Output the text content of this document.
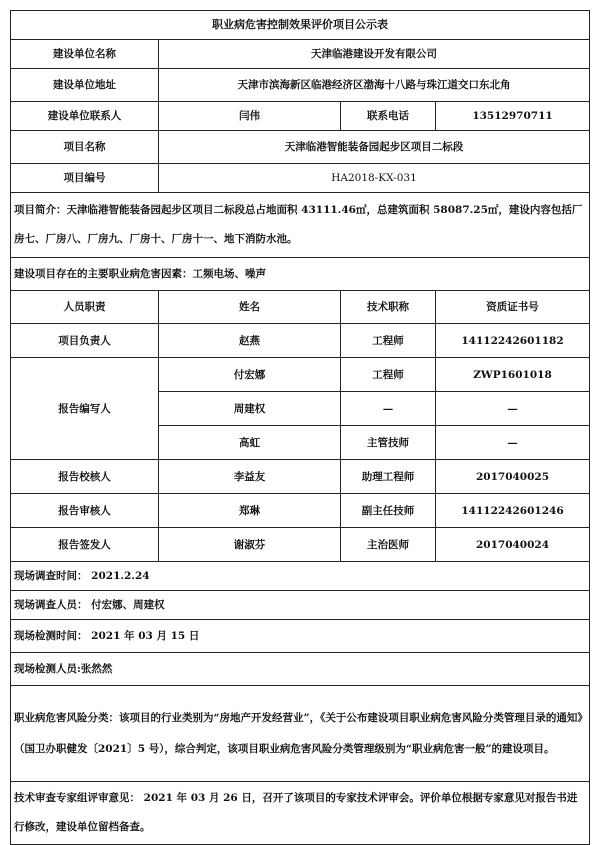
职业病危害控制效果评价项目公示表			
建设单位名称	天津临港建设开发有限公司		
建设单位地址	天津市滨海新区临港经济区渤海十八路与珠江道交口东北角		
建设单位联系人	闫伟	联系电话	13512970711
项目名称	天津临港智能装备园起步区项目二标段		
项目编号	HA2018-KX-031		
项目简介：天津临港智能装备园起步区项目二标段总占地面积 43111.46㎡，总建筑面积 58087.25㎡，建设内容包括厂房七、厂房八、厂房九、厂房十、厂房十一、地下消防水池。			
建设项目存在的主要职业病危害因素：工频电场、噪声			
人员职责	姓名	技术职称	资质证书号
项目负责人	赵燕	工程师	14112242601182
报告编写人	付宏娜	工程师	ZWP1601018
	周建权	—	—
	高虹	主管技师	—
报告校核人	李益友	助理工程师	2017040025
报告审核人	郑琳	副主任技师	14112242601246
报告签发人	谢淑芬	主治医师	2017040024
现场调查时间： 2021.2.24			
现场调查人员： 付宏娜、周建权			
现场检测时间： 2021 年 03 月 15 日			
现场检测人员:张然然			
职业病危害风险分类：该项目的行业类别为“房地产开发经营业”，《关于公布建设项目职业病危害风险分类管理目录的通知》（国卫办职健发〔2021〕5 号），综合判定，该项目职业病危害风险分类管理级别为“职业病危害一般”的建设项目。			
技术审查专家组评审意见： 2021 年 03 月 26 日，召开了该项目的专家技术评审会。评价单位根据专家意见对报告书进行修改，建设单位留档备查。			
